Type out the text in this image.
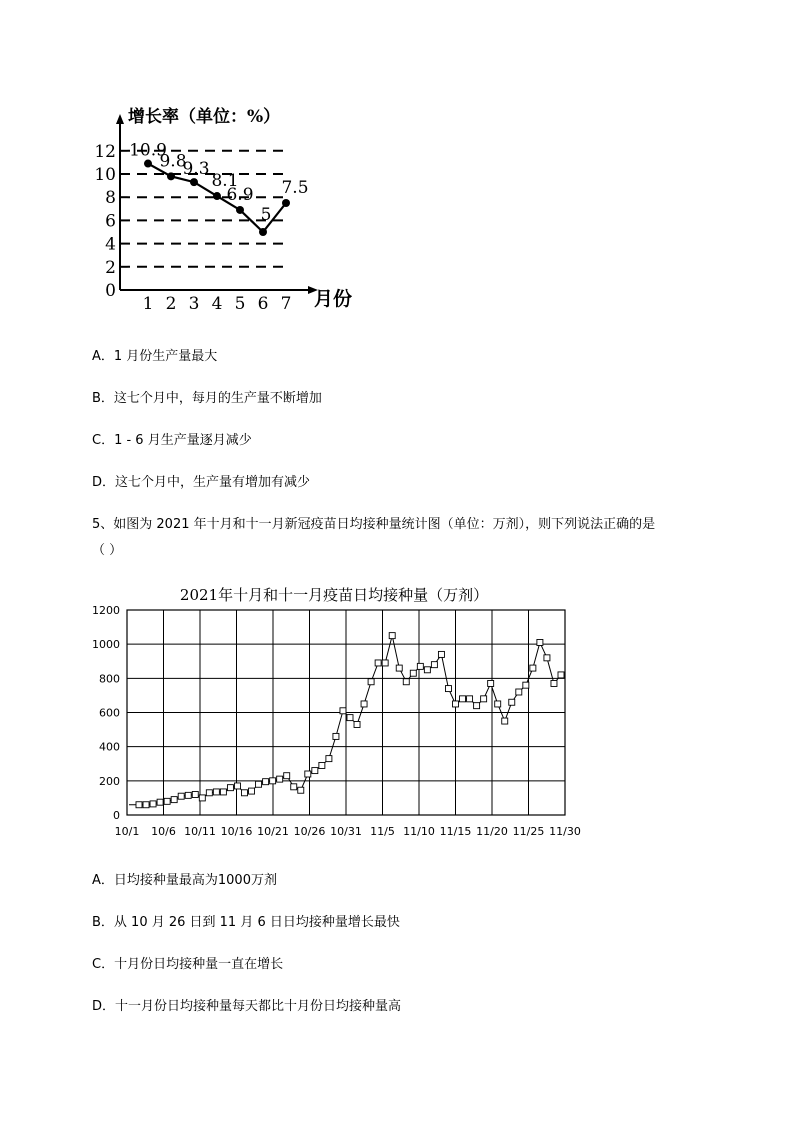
增长率（单位：%）
月份
0
2
4
6
8
10
12
1 2 3 4 5 6 7
10.9
9.8
9.3
8.1
6.9
5
7.5
A．1 月份生产量最大
B．这七个月中，每月的生产量不断增加
C．1 - 6 月生产量逐月减少
D．这七个月中，生产量有增加有减少
5、如图为 2021 年十月和十一月新冠疫苗日均接种量统计图（单位：万剂），则下列说法正确的是
（ ）
2021年十月和十一月疫苗日均接种量（万剂）
0
200
400
600
800
1000
1200
10/1 10/6 10/11 10/16 10/21 10/26 10/31 11/5 11/10 11/15 11/20 11/25 11/30
A．日均接种量最高为1000万剂
B．从 10 月 26 日到 11 月 6 日日均接种量增长最快
C．十月份日均接种量一直在增长
D．十一月份日均接种量每天都比十月份日均接种量高
